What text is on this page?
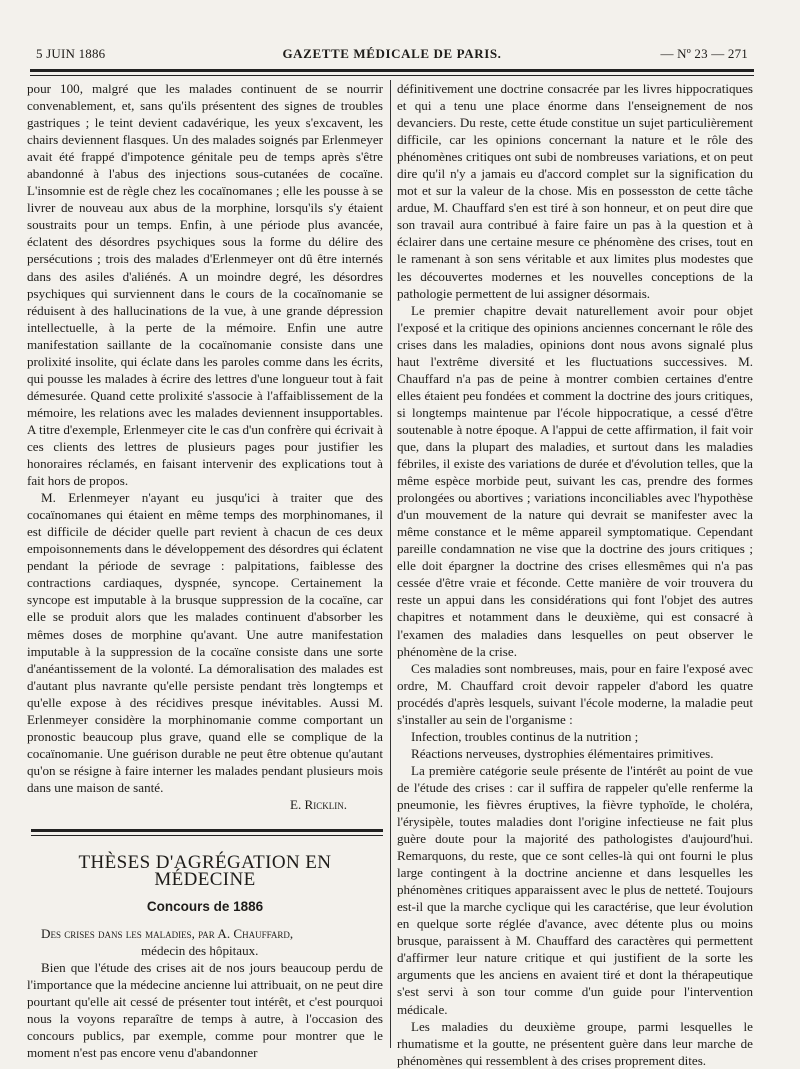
5 JUIN 1886	GAZETTE MÉDICALE DE PARIS.	— Nº 23 — 271

pour 100, malgré que les malades continuent de se nourrir convenablement, et, sans qu'ils présentent des signes de troubles gastriques ; le teint devient cadavérique, les yeux s'excavent, les chairs deviennent flasques. Un des malades soignés par Erlenmeyer avait été frappé d'impotence génitale peu de temps après s'être abandonné à l'abus des injections sous-cutanées de cocaïne. L'insomnie est de règle chez les cocaïnomanes ; elle les pousse à se livrer de nouveau aux abus de la morphine, lorsqu'ils s'y étaient soustraits pour un temps. Enfin, à une période plus avancée, éclatent des désordres psychiques sous la forme du délire des persécutions ; trois des malades d'Erlenmeyer ont dû être internés dans des asiles d'aliénés. A un moindre degré, les désordres psychiques qui surviennent dans le cours de la cocaïnomanie se réduisent à des hallucinations de la vue, à une grande dépression intellectuelle, à la perte de la mémoire. Enfin une autre manifestation saillante de la cocaïnomanie consiste dans une prolixité insolite, qui éclate dans les paroles comme dans les écrits, qui pousse les malades à écrire des lettres d'une longueur tout à fait démesurée. Quand cette prolixité s'associe à l'affaiblissement de la mémoire, les relations avec les malades deviennent insupportables. A titre d'exemple, Erlenmeyer cite le cas d'un confrère qui écrivait à ces clients des lettres de plusieurs pages pour justifier les honoraires réclamés, en faisant intervenir des explications tout à fait hors de propos.

M. Erlenmeyer n'ayant eu jusqu'ici à traiter que des cocaïnomanes qui étaient en même temps des morphinomanes, il est difficile de décider quelle part revient à chacun de ces deux empoisonnements dans le développement des désordres qui éclatent pendant la période de sevrage : palpitations, faiblesse des contractions cardiaques, dyspnée, syncope. Certainement la syncope est imputable à la brusque suppression de la cocaïne, car elle se produit alors que les malades continuent d'absorber les mêmes doses de morphine qu'avant. Une autre manifestation imputable à la suppression de la cocaïne consiste dans une sorte d'anéantissement de la volonté. La démoralisation des malades est d'autant plus navrante qu'elle persiste pendant très longtemps et qu'elle expose à des récidives presque inévitables. Aussi M. Erlenmeyer considère la morphinomanie comme comportant un pronostic beaucoup plus grave, quand elle se complique de la cocaïnomanie. Une guérison durable ne peut être obtenue qu'autant qu'on se résigne à faire interner les malades pendant plusieurs mois dans une maison de santé.

E. Ricklin.

THÈSES D'AGRÉGATION EN MÉDECINE
Concours de 1886

Des crises dans les maladies, par A. Chauffard,
médecin des hôpitaux.

Bien que l'étude des crises ait de nos jours beaucoup perdu de l'importance que la médecine ancienne lui attribuait, on ne peut dire pourtant qu'elle ait cessé de présenter tout intérêt, et c'est pourquoi nous la voyons reparaître de temps à autre, à l'occasion des concours publics, par exemple, comme pour montrer que le moment n'est pas encore venu d'abandonner

définitivement une doctrine consacrée par les livres hippocratiques et qui a tenu une place énorme dans l'enseignement de nos devanciers. Du reste, cette étude constitue un sujet particulièrement difficile, car les opinions concernant la nature et le rôle des phénomènes critiques ont subi de nombreuses variations, et on peut dire qu'il n'y a jamais eu d'accord complet sur la signification du mot et sur la valeur de la chose. Mis en possesston de cette tâche ardue, M. Chauffard s'en est tiré à son honneur, et on peut dire que son travail aura contribué à faire faire un pas à la question et à éclairer dans une certaine mesure ce phénomène des crises, tout en le ramenant à son sens véritable et aux limites plus modestes que les découvertes modernes et les nouvelles conceptions de la pathologie permettent de lui assigner désormais.

Le premier chapitre devait naturellement avoir pour objet l'exposé et la critique des opinions anciennes concernant le rôle des crises dans les maladies, opinions dont nous avons signalé plus haut l'extrême diversité et les fluctuations successives. M. Chauffard n'a pas de peine à montrer combien certaines d'entre elles étaient peu fondées et comment la doctrine des jours critiques, si longtemps maintenue par l'école hippocratique, a cessé d'être soutenable à notre époque. A l'appui de cette affirmation, il fait voir que, dans la plupart des maladies, et surtout dans les maladies fébriles, il existe des variations de durée et d'évolution telles, que la même espèce morbide peut, suivant les cas, prendre des formes prolongées ou abortives ; variations inconciliables avec l'hypothèse d'un mouvement de la nature qui devrait se manifester avec la même constance et le même appareil symptomatique. Cependant pareille condamnation ne vise que la doctrine des jours critiques ; elle doit épargner la doctrine des crises ellesmêmes qui n'a pas cessée d'être vraie et féconde. Cette manière de voir trouvera du reste un appui dans les considérations qui font l'objet des autres chapitres et notamment dans le deuxième, qui est consacré à l'examen des maladies dans lesquelles on peut observer le phénomène de la crise.

Ces maladies sont nombreuses, mais, pour en faire l'exposé avec ordre, M. Chauffard croit devoir rappeler d'abord les quatre procédés d'après lesquels, suivant l'école moderne, la maladie peut s'installer au sein de l'organisme :

Infection, troubles continus de la nutrition ;

Réactions nerveuses, dystrophies élémentaires primitives.

La première catégorie seule présente de l'intérêt au point de vue de l'étude des crises : car il suffira de rappeler qu'elle renferme la pneumonie, les fièvres éruptives, la fièvre typhoïde, le choléra, l'érysipèle, toutes maladies dont l'origine infectieuse ne fait plus guère doute pour la majorité des pathologistes d'aujourd'hui. Remarquons, du reste, que ce sont celles-là qui ont fourni le plus large contingent à la doctrine ancienne et dans lesquelles les phénomènes critiques apparaissent avec le plus de netteté. Toujours est-il que la marche cyclique qui les caractérise, que leur évolution en quelque sorte réglée d'avance, avec détente plus ou moins brusque, paraissent à M. Chauffard des caractères qui permettent d'affirmer leur nature critique et qui justifient de la sorte les arguments que les anciens en avaient tiré et dont la thérapeutique s'est servi à son tour comme d'un guide pour l'intervention médicale.

Les maladies du deuxième groupe, parmi lesquelles le rhumatisme et la goutte, ne présentent guère dans leur marche de phénomènes qui ressemblent à des crises proprement dites.
